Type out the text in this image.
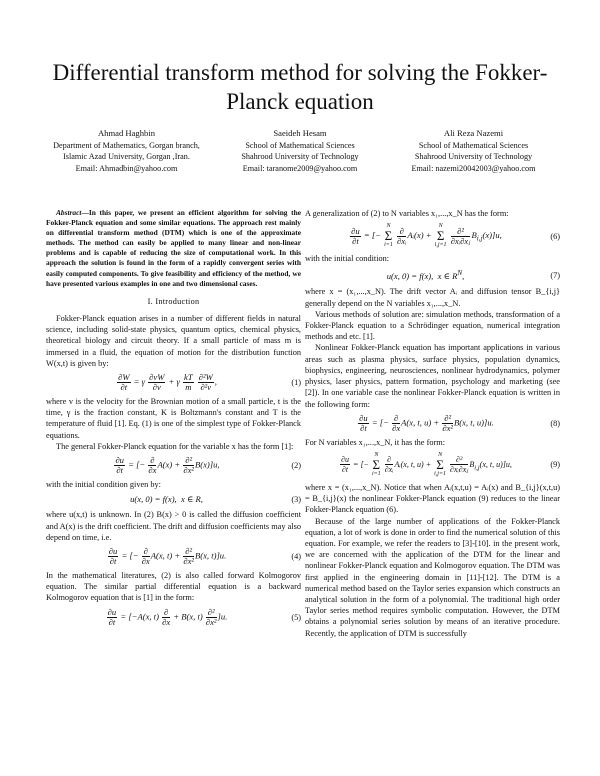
Differential transform method for solving the Fokker-Planck equation
Ahmad Haghbin
Department of Mathematics, Gorgan branch,
Islamic Azad University, Gorgan ,Iran.
Email: Ahmadbin@yahoo.com
Saeideh Hesam
School of Mathematical Sciences
Shahrood University of Technology
Email: taranome2009@yahoo.com
Ali Reza Nazemi
School of Mathematical Sciences
Shahrood University of Technology
Email: nazemi20042003@yahoo.com

Abstract—In this paper, we present an efficient algorithm for solving the Fokker-Planck equation and some similar equations. The approach rest mainly on differential transform method (DTM) which is one of the approximate methods. The method can easily be applied to many linear and non-linear problems and is capable of reducing the size of computational work. In this approach the solution is found in the form of a rapidly convergent series with easily computed components. To give feasibility and efficiency of the method, we have presented various examples in one and two dimensional cases.

I. Introduction

Fokker-Planck equation arises in a number of different fields in natural science, including solid-state physics, quantum optics, chemical physics, theoretical biology and circuit theory. If a small particle of mass m is immersed in a fluid, the equation of motion for the distribution function W(x,t) is given by:

$\frac{\partial W}{\partial t} = \gamma \frac{\partial vW}{\partial v} + \gamma \frac{kT}{m}$
$\frac{\text{∂²W}}{\text{∂²v}}$ ,	(1)

where v is the velocity for the Brownian motion of a small particle, t is the time, γ is the fraction constant, K is Boltzmann's constant and T is the temperature of fluid [1]. Eq. (1) is one of the simplest type of Fokker-Planck equations.

The general Fokker-Planck equation for the variable x has the form [1]:

$\frac{\partial u}{\partial t}$ = [− $\frac{\partial}{\partial x} A(x) + \frac{\text{∂²}}{\text{∂x²}} B(x)]u$,	(2)

with the initial condition given by:

u(x, 0) = f(x),  x ∈ R,	(3)

where u(x,t) is unknown. In (2) B(x) > 0 is called the diffusion coefficient and A(x) is the drift coefficient. The drift and diffusion coefficients may also depend on time, i.e.

$\frac{\partial u}{\partial t}$ = [− $\frac{\partial}{\partial x} A(x$, $t) + \frac{\text{∂²}}{\text{∂x²}} B(x$, t)]u.	(4)

In the mathematical literatures, (2) is also called forward Kolmogorov equation. The similar partial differential equation is a backward Kolmogorov equation that is [1] in the form:

$\frac{\partial u}{\partial t} = [-A(x$, $t) \frac{\partial}{\partial x} + B(x$, $t) \frac{\text{∂²}}{\text{∂x²}} ]u$.	(5)

A generalization of (2) to N variables x₁,...,x_N has the form:

$\frac{\partial u}{\partial t}$ = [−
N
Σ
i=1
$\frac{\partial}{\text{∂xᵢ}}$ Aᵢ(x) +
N
Σ
i,j=1
$\frac{\text{∂²}}{\text{∂xᵢ∂xⱼ}} B_{i,j}(x)]u$,	(6)

with the initial condition:

u(x, 0) = f(x),  x ∈ $R^N$,	(7)

where x = (x₁,...,x_N). The drift vector Aᵢ and diffusion tensor B_{i,j} generally depend on the N variables x₁,...,x_N.

Various methods of solution are: simulation methods, transformation of a Fokker-Planck equation to a Schrödinger equation, numerical integration methods and etc. [1].

Nonlinear Fokker-Planck equation has important applications in various areas such as plasma physics, surface physics, population dynamics, biophysics, engineering, neurosciences, nonlinear hydrodynamics, polymer physics, laser physics, pattern formation, psychology and marketing (see [2]). In one variable case the nonlinear Fokker-Planck equation is written in the following form:

$\frac{\partial u}{\partial t}$ = [− $\frac{\partial}{\partial x} A(x$, t, $u) + \frac{\text{∂²}}{\text{∂x²}} B(x$, t, u)]u.	(8)

For N variables x₁,...,x_N, it has the form:

$\frac{\partial u}{\partial t}$ = [−
N
Σ
i=1
$\frac{\partial}{\text{∂xᵢ}}$ Aᵢ(x, t, u) +
N
Σ
i,j=1
$\frac{\text{∂²}}{\text{∂xᵢ∂xⱼ}} B_{i,j}(x$, t, u)]u,	(9)

where x = (x₁,...,x_N). Notice that when Aᵢ(x,t,u) = Aᵢ(x) and B_{i,j}(x,t,u) = B_{i,j}(x) the nonlinear Fokker-Planck equation (9) reduces to the linear Fokker-Planck equation (6).

Because of the large number of applications of the Fokker-Planck equation, a lot of work is done in order to find the numerical solution of this equation. For example, we refer the readers to [3]-[10]. in the present work, we are concerned with the application of the DTM for the linear and nonlinear Fokker-Planck equation and Kolmogorov equation. The DTM was first applied in the engineering domain in [11]-[12]. The DTM is a numerical method based on the Taylor series expansion which constructs an analytical solution in the form of a polynomial. The traditional high order Taylor series method requires symbolic computation. However, the DTM obtains a polynomial series solution by means of an iterative procedure. Recently, the application of DTM is successfully
